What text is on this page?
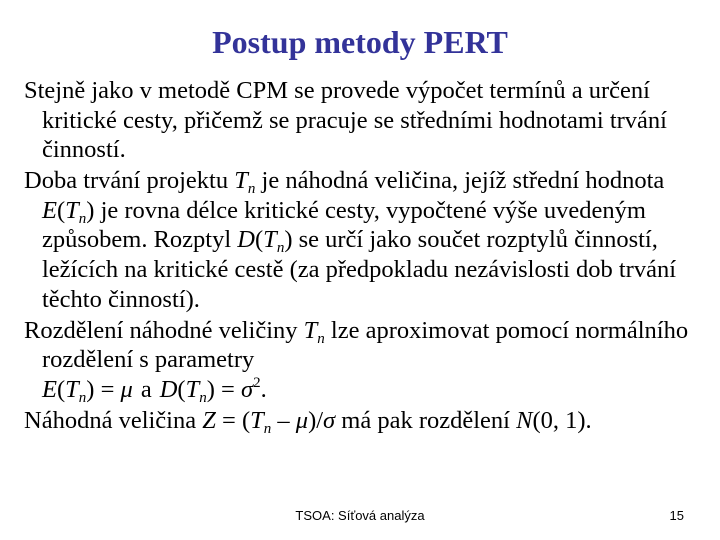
Postup metody PERT

Stejně jako v metodě CPM se provede výpočet termínů a určení kritické cesty, přičemž se pracuje se středními hodnotami trvání činností.

Doba trvání projektu $T_n$ je náhodná veličina, jejíž střední hodnota $E(T_n)$ je rovna délce kritické cesty, vypočtené výše uvedeným způsobem. Rozptyl $D(T_n)$ se určí jako součet rozptylů činností, ležících na kritické cestě (za předpokladu nezávislosti dob trvání těchto činností).

Rozdělení náhodné veličiny $T_n$ lze aproximovat pomocí normálního rozdělení s parametry
$E(T_n) = \mu$ a $D(T_n) = \sigma^2$.

Náhodná veličina $Z = (T_n - \mu)/\sigma$ má pak rozdělení N(0, 1).

TSOA: Síťová analýza	15
